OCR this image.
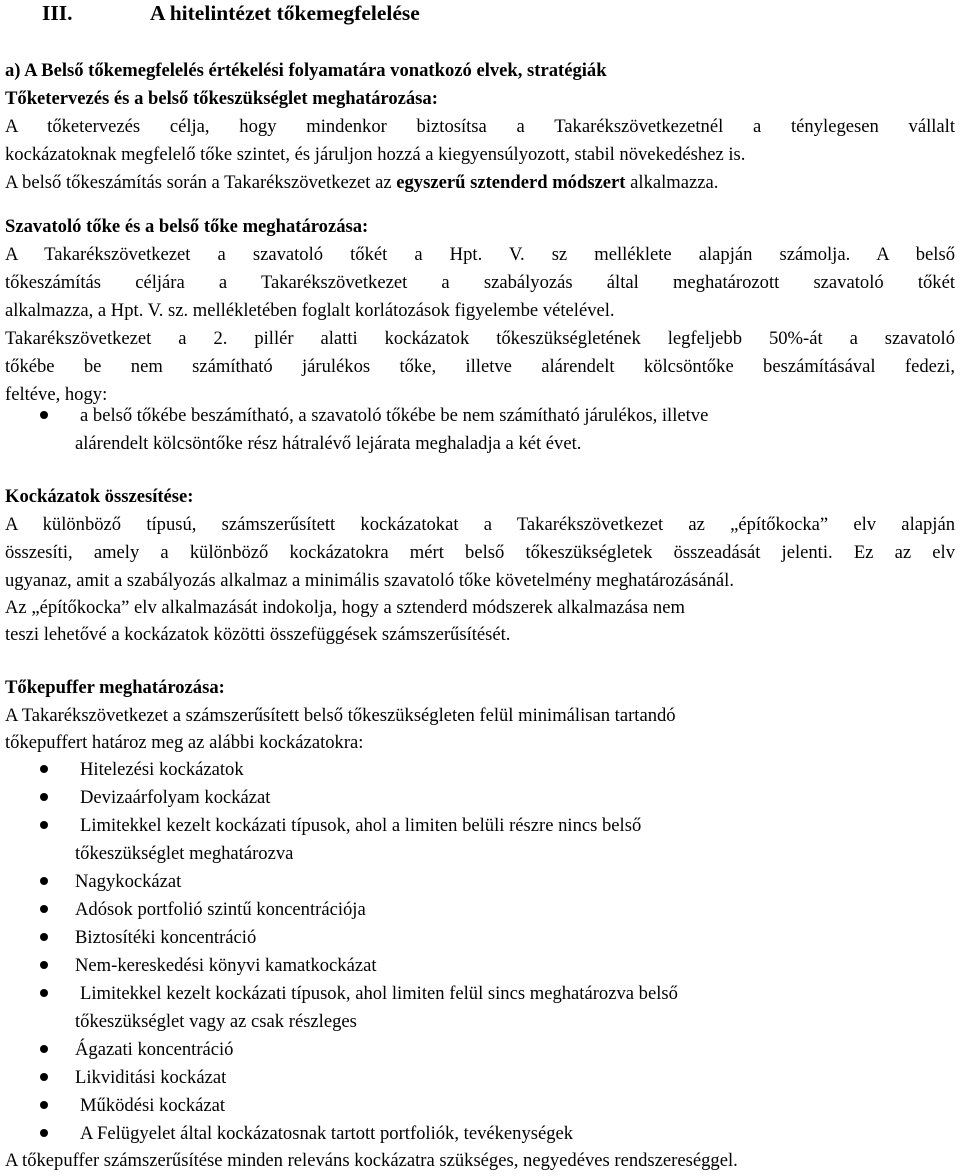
III.	A hitelintézet tőkemegfelelése
a) A Belső tőkemegfelelés értékelési folyamatára vonatkozó elvek, stratégiák
Tőketervezés és a belső tőkeszükséglet meghatározása:
A tőketervezés célja, hogy mindenkor biztosítsa a Takarékszövetkezetnél a ténylegesen vállalt
kockázatoknak megfelelő tőke szintet, és járuljon hozzá a kiegyensúlyozott, stabil növekedéshez is.
A belső tőkeszámítás során a Takarékszövetkezet az egyszerű sztenderd módszert alkalmazza.
Szavatoló tőke és a belső tőke meghatározása:
A Takarékszövetkezet a szavatoló tőkét a Hpt. V. sz melléklete alapján számolja. A belső
tőkeszámítás céljára a Takarékszövetkezet a szabályozás által meghatározott szavatoló tőkét
alkalmazza, a Hpt. V. sz. mellékletében foglalt korlátozások figyelembe vételével.
Takarékszövetkezet a 2. pillér alatti kockázatok tőkeszükségletének legfeljebb 50%-át a szavatoló
tőkébe be nem számítható járulékos tőke, illetve alárendelt kölcsöntőke beszámításával fedezi,
feltéve, hogy:
a belső tőkébe beszámítható, a szavatoló tőkébe be nem számítható járulékos, illetve
alárendelt kölcsöntőke rész hátralévő lejárata meghaladja a két évet.
Kockázatok összesítése:
A különböző típusú, számszerűsített kockázatokat a Takarékszövetkezet az „építőkocka” elv alapján
összesíti, amely a különböző kockázatokra mért belső tőkeszükségletek összeadását jelenti. Ez az elv
ugyanaz, amit a szabályozás alkalmaz a minimális szavatoló tőke követelmény meghatározásánál.
Az „építőkocka” elv alkalmazását indokolja, hogy a sztenderd módszerek alkalmazása nem
teszi lehetővé a kockázatok közötti összefüggések számszerűsítését.
Tőkepuffer meghatározása:
A Takarékszövetkezet a számszerűsített belső tőkeszükségleten felül minimálisan tartandó
tőkepuffert határoz meg az alábbi kockázatokra:
Hitelezési kockázatok
Devizaárfolyam kockázat
Limitekkel kezelt kockázati típusok, ahol a limiten belüli részre nincs belső
tőkeszükséglet meghatározva
Nagykockázat
Adósok portfolió szintű koncentrációja
Biztosítéki koncentráció
Nem-kereskedési könyvi kamatkockázat
Limitekkel kezelt kockázati típusok, ahol limiten felül sincs meghatározva belső
tőkeszükséglet vagy az csak részleges
Ágazati koncentráció
Likviditási kockázat
Működési kockázat
A Felügyelet által kockázatosnak tartott portfoliók, tevékenységek
A tőkepuffer számszerűsítése minden releváns kockázatra szükséges, negyedéves rendszereséggel.
